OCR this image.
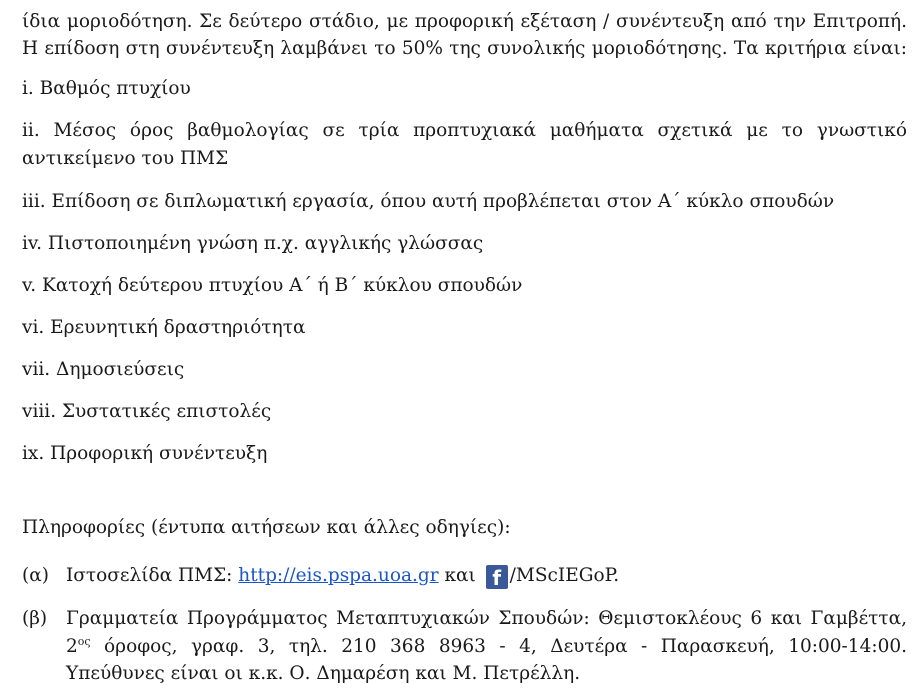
ίδια μοριοδότηση. Σε δεύτερο στάδιο, με προφορική εξέταση / συνέντευξη από την Επιτροπή.
Η επίδοση στη συνέντευξη λαμβάνει το 50% της συνολικής μοριοδότησης. Τα κριτήρια είναι:
i. Βαθμός πτυχίου
ii. Μέσος όρος βαθμολογίας σε τρία προπτυχιακά μαθήματα σχετικά με το γνωστικό
αντικείμενο του ΠΜΣ
iii. Επίδοση σε διπλωματική εργασία, όπου αυτή προβλέπεται στον Α΄ κύκλο σπουδών
iv. Πιστοποιημένη γνώση π.χ. αγγλικής γλώσσας
v. Κατοχή δεύτερου πτυχίου Α΄ ή Β΄ κύκλου σπουδών
vi. Ερευνητική δραστηριότητα
vii. Δημοσιεύσεις
viii. Συστατικές επιστολές
ix. Προφορική συνέντευξη
Πληροφορίες (έντυπα αιτήσεων και άλλες οδηγίες):
(α) Ιστοσελίδα ΠΜΣ: http://eis.pspa.uoa.gr και f /MScIEGoP.
(β) Γραμματεία Προγράμματος Μεταπτυχιακών Σπουδών: Θεμιστοκλέους 6 και Γαμβέττα,
$2^{o\varsigma}$ όροφος, γραφ. 3, τηλ. 210 368 8963 - 4, Δευτέρα - Παρασκευή, 10:00-14:00.
Υπεύθυνες είναι οι κ.κ. Ο. Δημαρέση και Μ. Πετρέλλη.
